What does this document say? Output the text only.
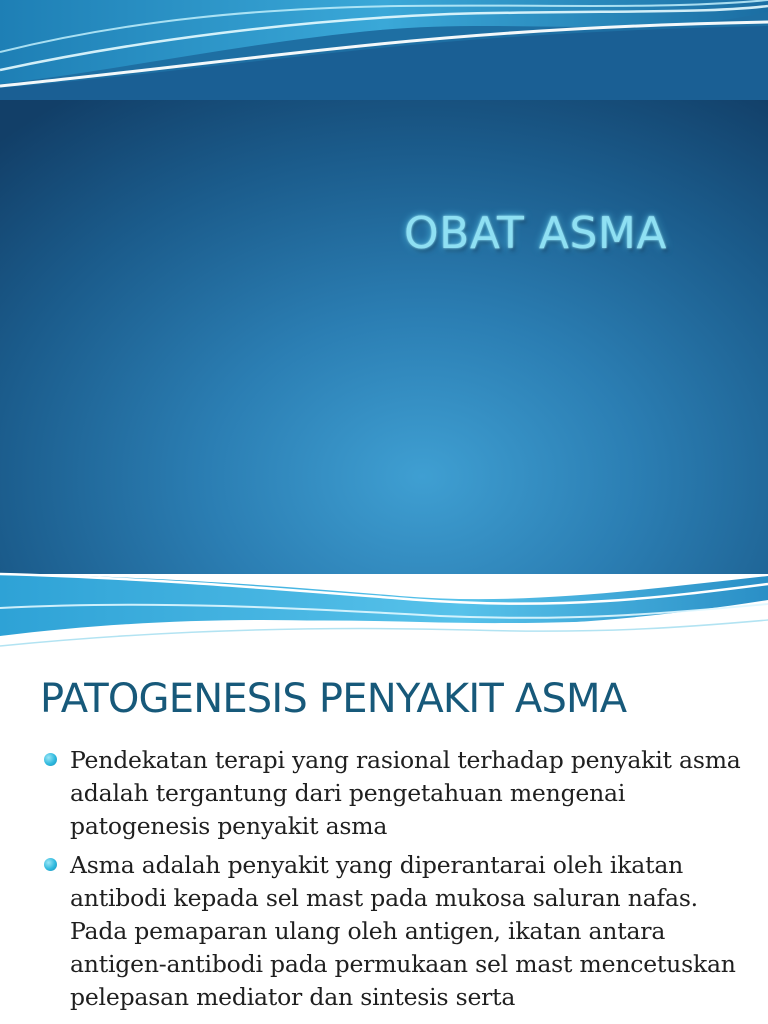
OBAT ASMA
PATOGENESIS PENYAKIT ASMA
Pendekatan terapi yang rasional terhadap penyakit asma adalah tergantung dari pengetahuan mengenai patogenesis penyakit asma
Asma adalah penyakit yang diperantarai oleh ikatan antibodi kepada sel mast pada mukosa saluran nafas. Pada pemaparan ulang oleh antigen, ikatan antara antigen-antibodi pada permukaan sel mast mencetuskan pelepasan mediator dan sintesis serta
